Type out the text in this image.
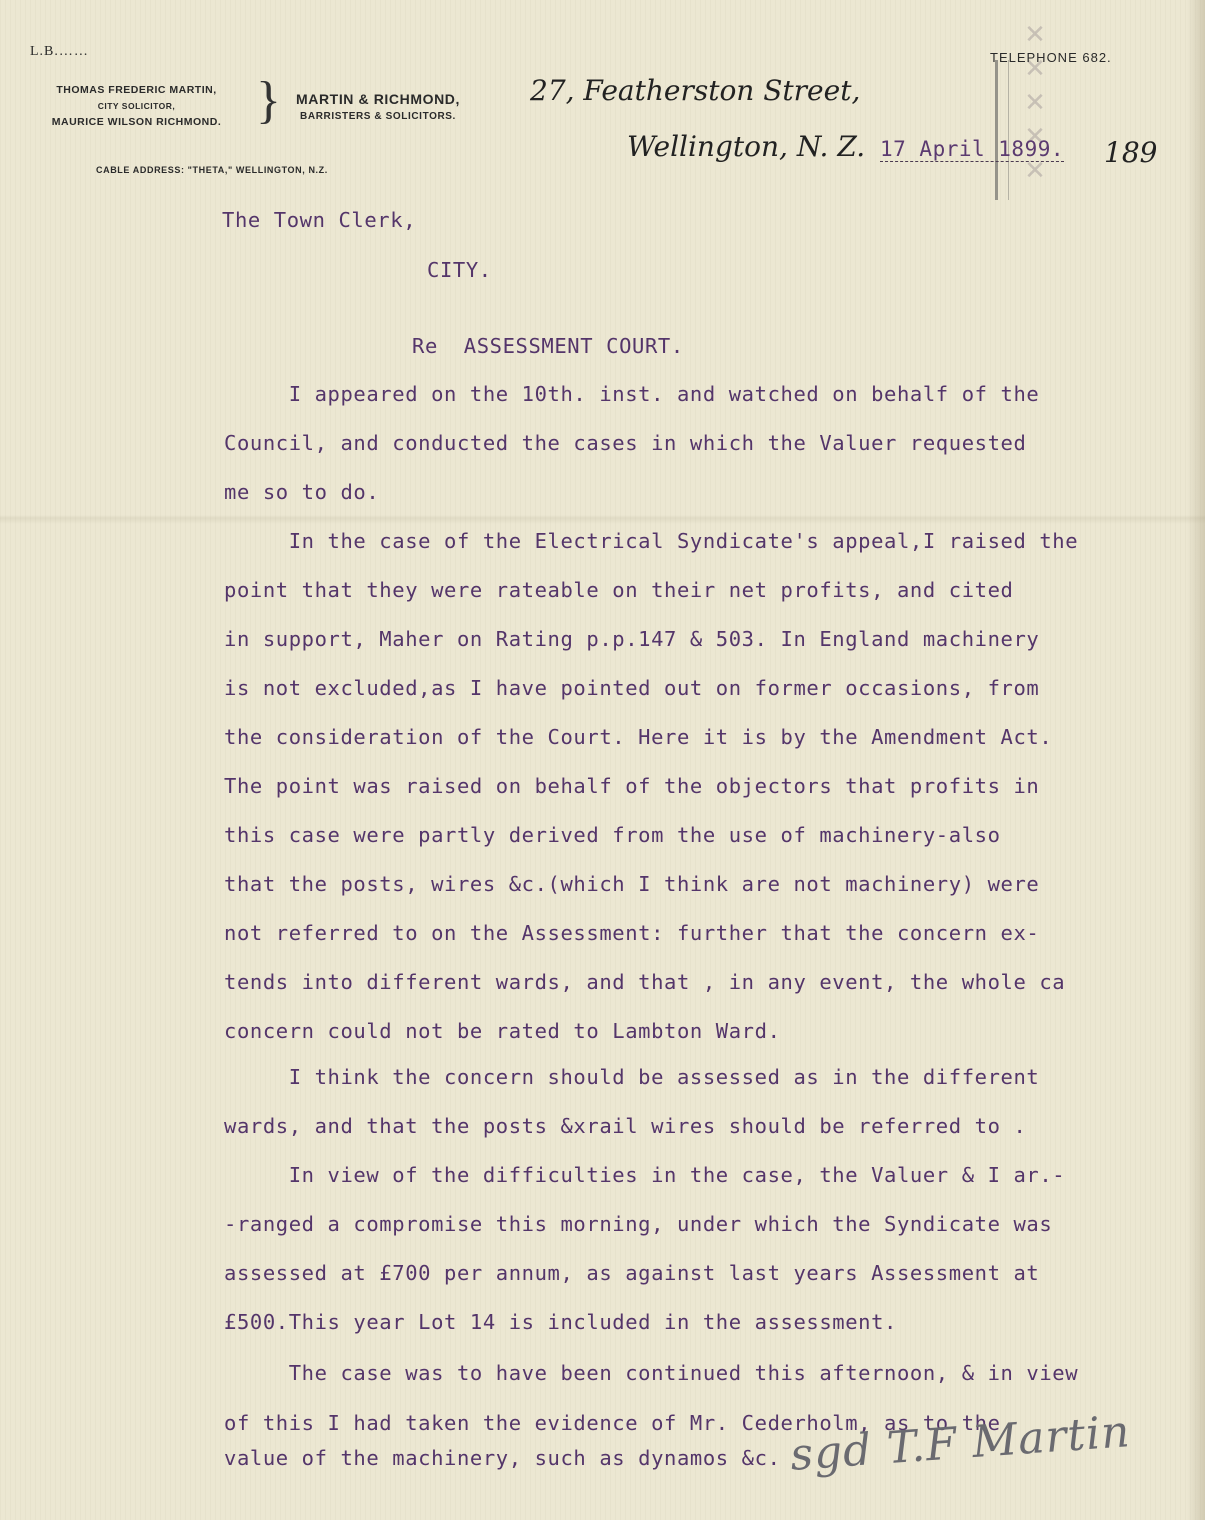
✕✕✕✕✕
L.B.……	TELEPHONE 682.
THOMAS FREDERIC MARTIN,
CITY SOLICITOR,
MAURICE WILSON RICHMOND. }	MARTIN & RICHMOND,
BARRISTERS & SOLICITORS.
CABLE ADDRESS: "THETA," WELLINGTON, N.Z.
27, Featherston Street,
Wellington, N. Z. 17 April 1899. 189
The Town Clerk,
CITY.
Re  ASSESSMENT COURT.
I appeared on the 10th. inst. and watched on behalf of the
Council, and conducted the cases in which the Valuer requested
me so to do.
In the case of the Electrical Syndicate's appeal,I raised the
point that they were rateable on their net profits, and cited
in support, Maher on Rating p.p.147 & 503. In England machinery
is not excluded,as I have pointed out on former occasions, from
the consideration of the Court. Here it is by the Amendment Act.
The point was raised on behalf of the objectors that profits in
this case were partly derived from the use of machinery-also
that the posts, wires &c.(which I think are not machinery) were
not referred to on the Assessment: further that the concern ex-
tends into different wards, and that , in any event, the whole ca
concern could not be rated to Lambton Ward.
I think the concern should be assessed as in the different
wards, and that the posts &xrail wires should be referred to .
In view of the difficulties in the case, the Valuer & I ar.-
-ranged a compromise this morning, under which the Syndicate was
assessed at £700 per annum, as against last years Assessment at
£500.This year Lot 14 is included in the assessment.
The case was to have been continued this afternoon, & in view
of this I had taken the evidence of Mr. Cederholm, as to the
value of the machinery, such as dynamos &c. sgd T.F Martin
